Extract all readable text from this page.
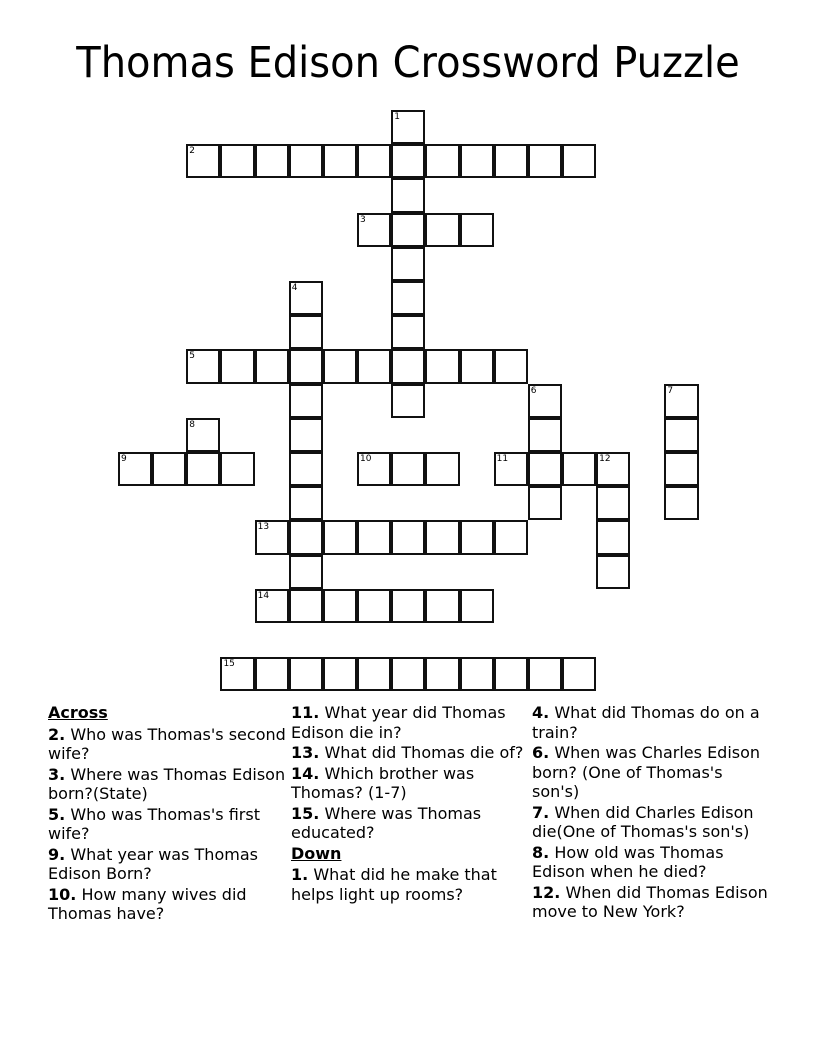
Thomas Edison Crossword Puzzle
1
2
3
4
5
6	7
8
9	10	11	12
13
14
15
Across
2. Who was Thomas's second wife?
3. Where was Thomas Edison born?(State)
5. Who was Thomas's first wife?
9. What year was Thomas Edison Born?
10. How many wives did Thomas have?
11. What year did Thomas Edison die in?
13. What did Thomas die of?
14. Which brother was Thomas? (1-7)
15. Where was Thomas educated?
Down
1. What did he make that helps light up rooms?
4. What did Thomas do on a train?
6. When was Charles Edison born? (One of Thomas's son's)
7. When did Charles Edison die(One of Thomas's son's)
8. How old was Thomas Edison when he died?
12. When did Thomas Edison move to New York?
